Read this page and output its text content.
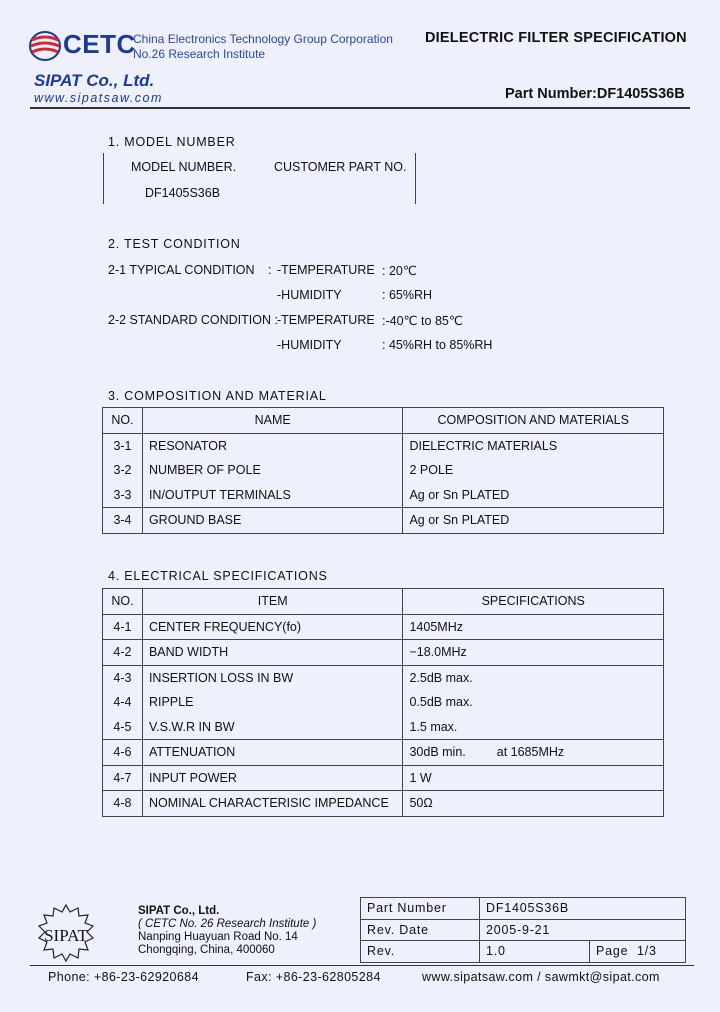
CETC
China Electronics Technology Group Corporation
No.26 Research Institute
DIELECTRIC FILTER SPECIFICATION
SIPAT Co., Ltd.
www.sipatsaw.com	Part Number:DF1405S36B
1. MODEL NUMBER
MODEL NUMBER.	CUSTOMER PART NO.
DF1405S36B
2. TEST CONDITION
2-1 TYPICAL CONDITION : -TEMPERATURE : 20℃
-HUMIDITY	: 65%RH
2-2 STANDARD CONDITION : -TEMPERATURE :-40℃ to 85℃
-HUMIDITY	: 45%RH to 85%RH
3. COMPOSITION AND MATERIAL
NO.	NAME	COMPOSITION AND MATERIALS
3-1	RESONATOR	DIELECTRIC MATERIALS
3-2	NUMBER OF POLE	2 POLE
3-3	IN/OUTPUT TERMINALS	Ag or Sn PLATED
3-4	GROUND BASE	Ag or Sn PLATED
4. ELECTRICAL SPECIFICATIONS
NO.	ITEM	SPECIFICATIONS
4-1	CENTER FREQUENCY(fo)	1405MHz
4-2	BAND WIDTH	−18.0MHz
4-3	INSERTION LOSS IN BW	2.5dB max.
4-4	RIPPLE	0.5dB max.
4-5	V.S.W.R IN BW	1.5 max.
4-6	ATTENUATION	30dB min. at 1685MHz
4-7	INPUT POWER	1 W
4-8	NOMINAL CHARACTERISIC IMPEDANCE	50Ω
SIPAT
SIPAT Co., Ltd.
( CETC No. 26 Research Institute )
Nanping Huayuan Road No. 14
Chongqing, China, 400060
Part Number	DF1405S36B	
Rev. Date	2005-9-21	
Rev.	1.0	Page 1/3
Phone: +86-23-62920684	Fax: +86-23-62805284	www.sipatsaw.com / sawmkt@sipat.com
